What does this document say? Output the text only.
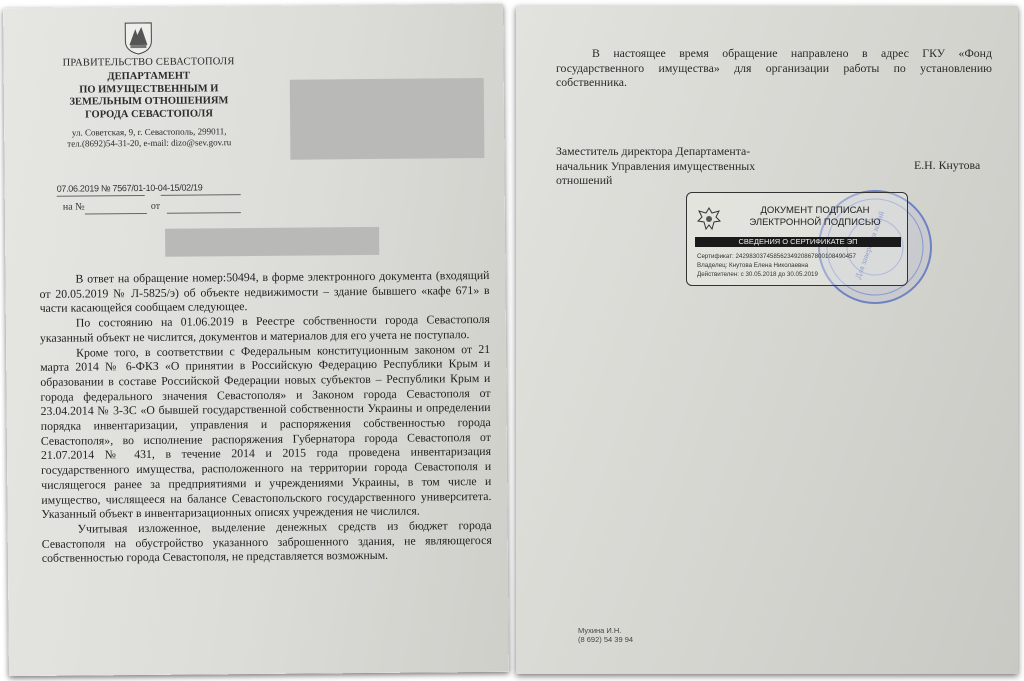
ПРАВИТЕЛЬСТВО СЕВАСТОПОЛЯ
ДЕПАРТАМЕНТ
ПО ИМУЩЕСТВЕННЫМ И
ЗЕМЕЛЬНЫМ ОТНОШЕНИЯМ
ГОРОДА СЕВАСТОПОЛЯ
ул. Советская, 9, г. Севастополь, 299011,
тел.(8692)54-31-20, e-mail: dizo@sev.gov.ru
07.06.2019 № 7567/01-10-04-15/02/19
на №	от

В ответ на обращение номер:50494, в форме электронного документа (входящий от 20.05.2019 № Л-5825/э) об объекте недвижимости – здание бывшего «кафе 671» в части касающейся сообщаем следующее.

По состоянию на 01.06.2019 в Реестре собственности города Севастополя указанный объект не числится, документов и материалов для его учета не поступало.

Кроме того, в соответствии с Федеральным конституционным законом от 21 марта 2014 № 6-ФКЗ «О принятии в Российскую Федерацию Республики Крым и образовании в составе Российской Федерации новых субъектов – Республики Крым и города федерального значения Севастополя» и Законом города Севастополя от 23.04.2014 № 3-ЗС «О бывшей государственной собственности Украины и определении порядка инвентаризации, управления и распоряжения собственностью города Севастополя», во исполнение распоряжения Губернатора города Севастополя от 21.07.2014 № 431, в течение 2014 и 2015 года проведена инвентаризация государственного имущества, расположенного на территории города Севастополя и числящегося ранее за предприятиями и учреждениями Украины, в том числе и имущество, числящееся на балансе Севастопольского государственного университета. Указанный объект в инвентаризационных описях учреждения не числился.

Учитывая изложенное, выделение денежных средств из бюджет города Севастополя на обустройство указанного заброшенного здания, не являющегося собственностью города Севастополя, не представляется возможным.

В настоящее время обращение направлено в адрес ГКУ «Фонд государственного имущества» для организации работы по установлению собственника.
Заместитель директора Департамента-
начальник Управления имущественных
отношений
Е.Н. Кнутова
ДОКУМЕНТ ПОДПИСАН
ЭЛЕКТРОННОЙ ПОДПИСЬЮ
СВЕДЕНИЯ О СЕРТИФИКАТЕ ЭП
Сертификат: 24298303745856234920867800108490457
Владелец: Кнутова Елена Николаевна
Действителен: с 30.05.2018 до 30.05.2019
Мухина И.Н.
(8 692) 54 39 94
